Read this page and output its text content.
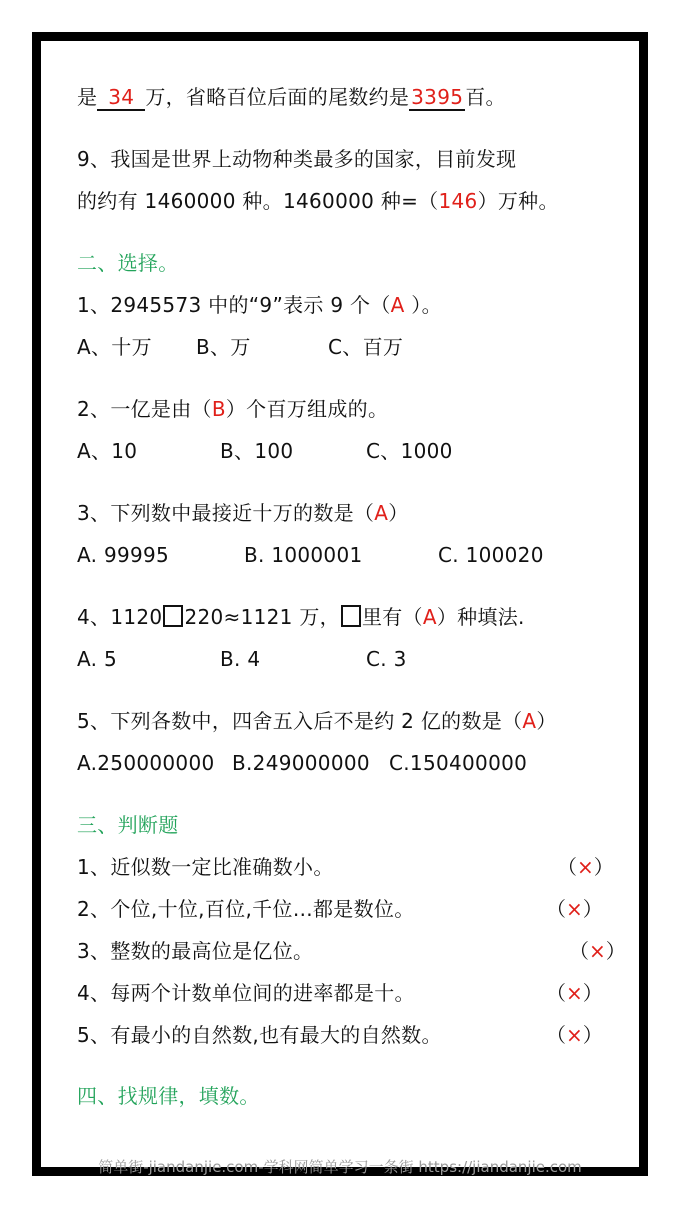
是 34 万，省略百位后面的尾数约是3395百。
9、我国是世界上动物种类最多的国家，目前发现
的约有 1460000 种。1460000 种=（146）万种。
二、选择。
1、2945573 中的“9”表示 9 个（A ）。
A、十万 B、万	C、百万
2、一亿是由（B）个百万组成的。
A、10	B、100	C、1000
3、下列数中最接近十万的数是（A）
A. 99995	B. 1000001	C. 100020
4、1120 220≈1121 万， 里有（A）种填法.
A. 5	B. 4	C. 3
5、下列各数中，四舍五入后不是约 2 亿的数是（A）
A.250000000 B.249000000 C.150400000
三、判断题
1、近似数一定比准确数小。	（×）
2、个位,十位,百位,千位…都是数位。	（×）
3、整数的最高位是亿位。	（×）
4、每两个计数单位间的进率都是十。	（×）
5、有最小的自然数,也有最大的自然数。	（×）
四、找规律，填数。
简单街-jiandanjie.com-学科网简单学习一条街 https://jiandanjie.com
